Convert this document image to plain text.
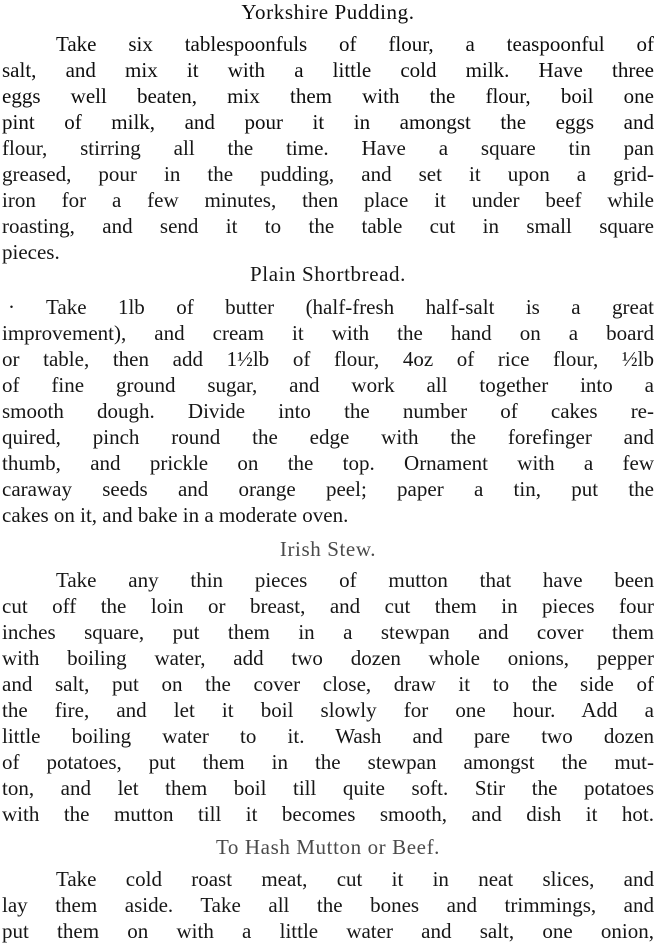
Yorkshire Pudding.
Take six tablespoonfuls of flour, a teaspoonful of
salt, and mix it with a little cold milk. Have three
eggs well beaten, mix them with the flour, boil one
pint of milk, and pour it in amongst the eggs and
flour, stirring all the time. Have a square tin pan
greased, pour in the pudding, and set it upon a grid-
iron for a few minutes, then place it under beef while
roasting, and send it to the table cut in small square
pieces.
Plain Shortbread.
· Take 1lb of butter (half-fresh half-salt is a great
improvement), and cream it with the hand on a board
or table, then add 1½lb of flour, 4oz of rice flour, ½lb
of fine ground sugar, and work all together into a
smooth dough. Divide into the number of cakes re-
quired, pinch round the edge with the forefinger and
thumb, and prickle on the top. Ornament with a few
caraway seeds and orange peel; paper a tin, put the
cakes on it, and bake in a moderate oven.
Irish Stew.
Take any thin pieces of mutton that have been
cut off the loin or breast, and cut them in pieces four
inches square, put them in a stewpan and cover them
with boiling water, add two dozen whole onions, pepper
and salt, put on the cover close, draw it to the side of
the fire, and let it boil slowly for one hour. Add a
little boiling water to it. Wash and pare two dozen
of potatoes, put them in the stewpan amongst the mut-
ton, and let them boil till quite soft. Stir the potatoes
with the mutton till it becomes smooth, and dish it hot.
To Hash Mutton or Beef.
Take cold roast meat, cut it in neat slices, and
lay them aside. Take all the bones and trimmings, and
put them on with a little water and salt, one onion,
